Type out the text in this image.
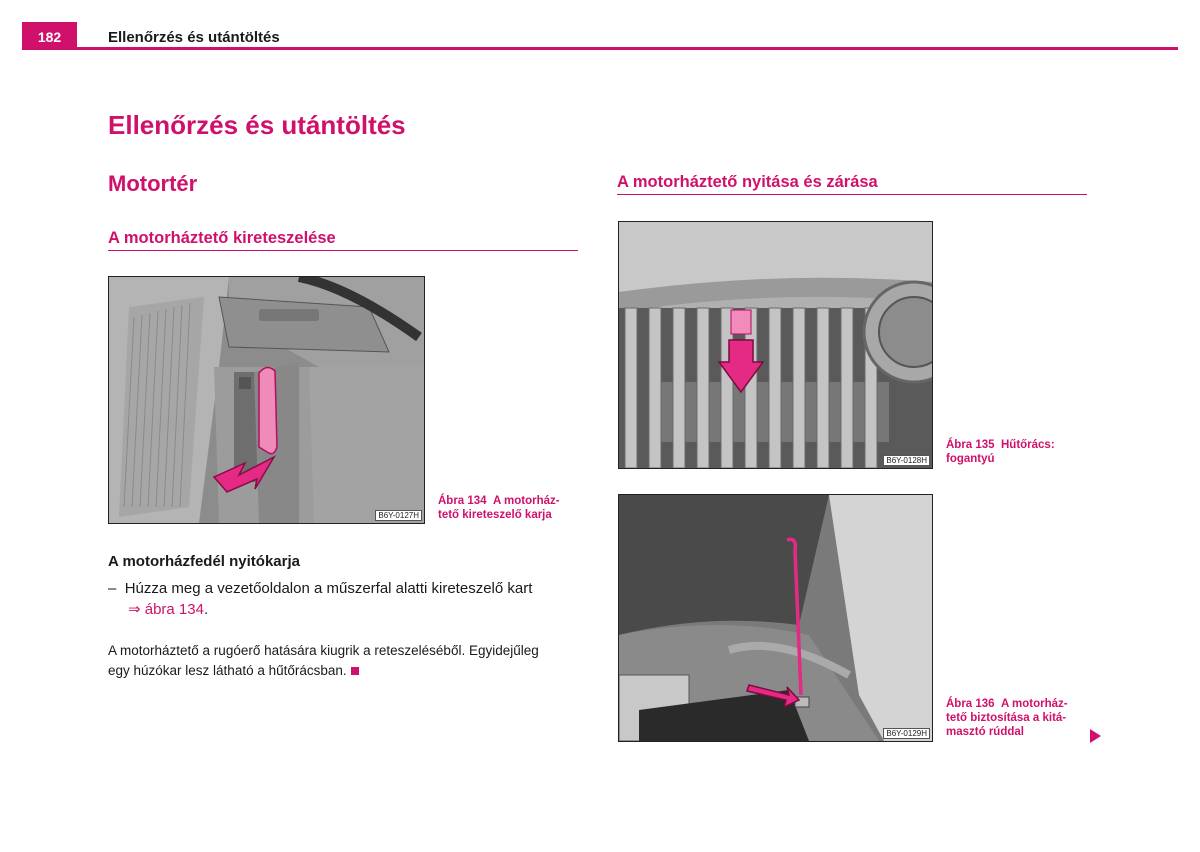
182	Ellenőrzés és utántöltés
Ellenőrzés és utántöltés
Motortér
A motorháztető kireteszelése
B6Y-0127H
Ábra 134 A motorház-
tető kireteszelő karja
A motorházfedél nyitókarja
– Húzza meg a vezetőoldalon a műszerfal alatti kireteszelő kart
⇒ ábra 134.
A motorháztető a rugóerő hatására kiugrik a reteszeléséből. Egyidejűleg
egy húzókar lesz látható a hűtőrácsban.
A motorháztető nyitása és zárása
B6Y-0128H
Ábra 135 Hűtőrács:
fogantyú
B6Y-0129H
Ábra 136 A motorház-
tető biztosítása a kitá-
masztó rúddal
